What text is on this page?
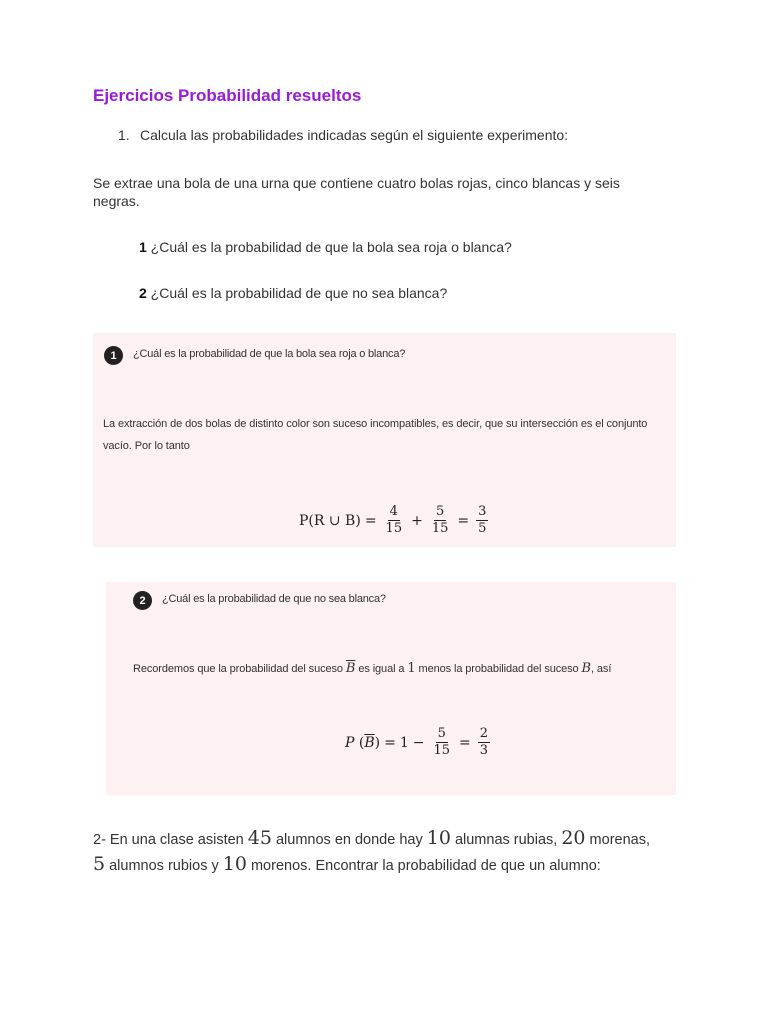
Ejercicios Probabilidad resueltos
1. Calcula las probabilidades indicadas según el siguiente experimento:
Se extrae una bola de una urna que contiene cuatro bolas rojas, cinco blancas y seis negras.
1 ¿Cuál es la probabilidad de que la bola sea roja o blanca?
2 ¿Cuál es la probabilidad de que no sea blanca?
1	¿Cuál es la probabilidad de que la bola sea roja o blanca?
La extracción de dos bolas de distinto color son suceso incompatibles, es decir, que su intersección es el conjunto vacío. Por lo tanto
P(R ∪ $B) = \frac{4}{15} + \frac{5}{15} = \frac{3}{5}$
2	¿Cuál es la probabilidad de que no sea blanca?
Recordemos que la probabilidad del suceso $\overline{B}$ es igual a 1 menos la probabilidad del suceso B, así
P ( $\overline{B}$ ) = $1 - \frac{5}{15} = \frac{2}{3}$
2- En una clase asisten 45 alumnos en donde hay 10 alumnas rubias, 20 morenas, 5 alumnos rubios y 10 morenos. Encontrar la probabilidad de que un alumno:
